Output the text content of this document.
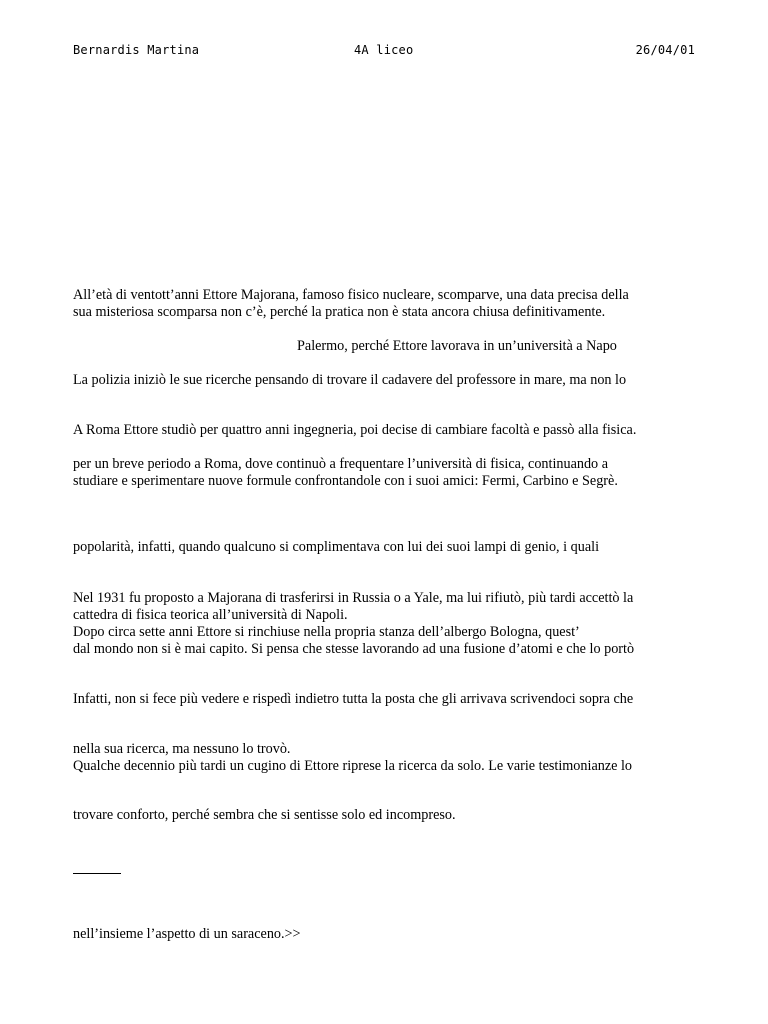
Bernardis Martina	4A liceo	26/04/01
All’età di ventott’anni Ettore Majorana, famoso fisico nucleare, scomparve, una data precisa della
sua misteriosa scomparsa non c’è, perché la pratica non è stata ancora chiusa definitivamente.
Palermo, perché Ettore lavorava in un’università a Napo
La polizia iniziò le sue ricerche pensando di trovare il cadavere del professore in mare, ma non lo
A Roma Ettore studiò per quattro anni ingegneria, poi decise di cambiare facoltà e passò alla fisica.
per un breve periodo a Roma, dove continuò a frequentare l’università di fisica, continuando a
studiare e sperimentare nuove formule confrontandole con i suoi amici: Fermi, Carbino e Segrè.
popolarità, infatti, quando qualcuno si complimentava con lui dei suoi lampi di genio, i quali
Nel 1931 fu proposto a Majorana di trasferirsi in Russia o a Yale, ma lui rifiutò, più tardi accettò la
cattedra di fisica teorica all’università di Napoli.
Dopo circa sette anni Ettore si rinchiuse nella propria stanza dell’albergo Bologna, quest’
dal mondo non si è mai capito. Si pensa che stesse lavorando ad una fusione d’atomi e che lo portò
Infatti, non si fece più vedere e rispedì indietro tutta la posta che gli arrivava scrivendoci sopra che
nella sua ricerca, ma nessuno lo trovò.
Qualche decennio più tardi un cugino di Ettore riprese la ricerca da solo. Le varie testimonianze lo
trovare conforto, perché sembra che si sentisse solo ed incompreso.
nell’insieme l’aspetto di un saraceno.>>
